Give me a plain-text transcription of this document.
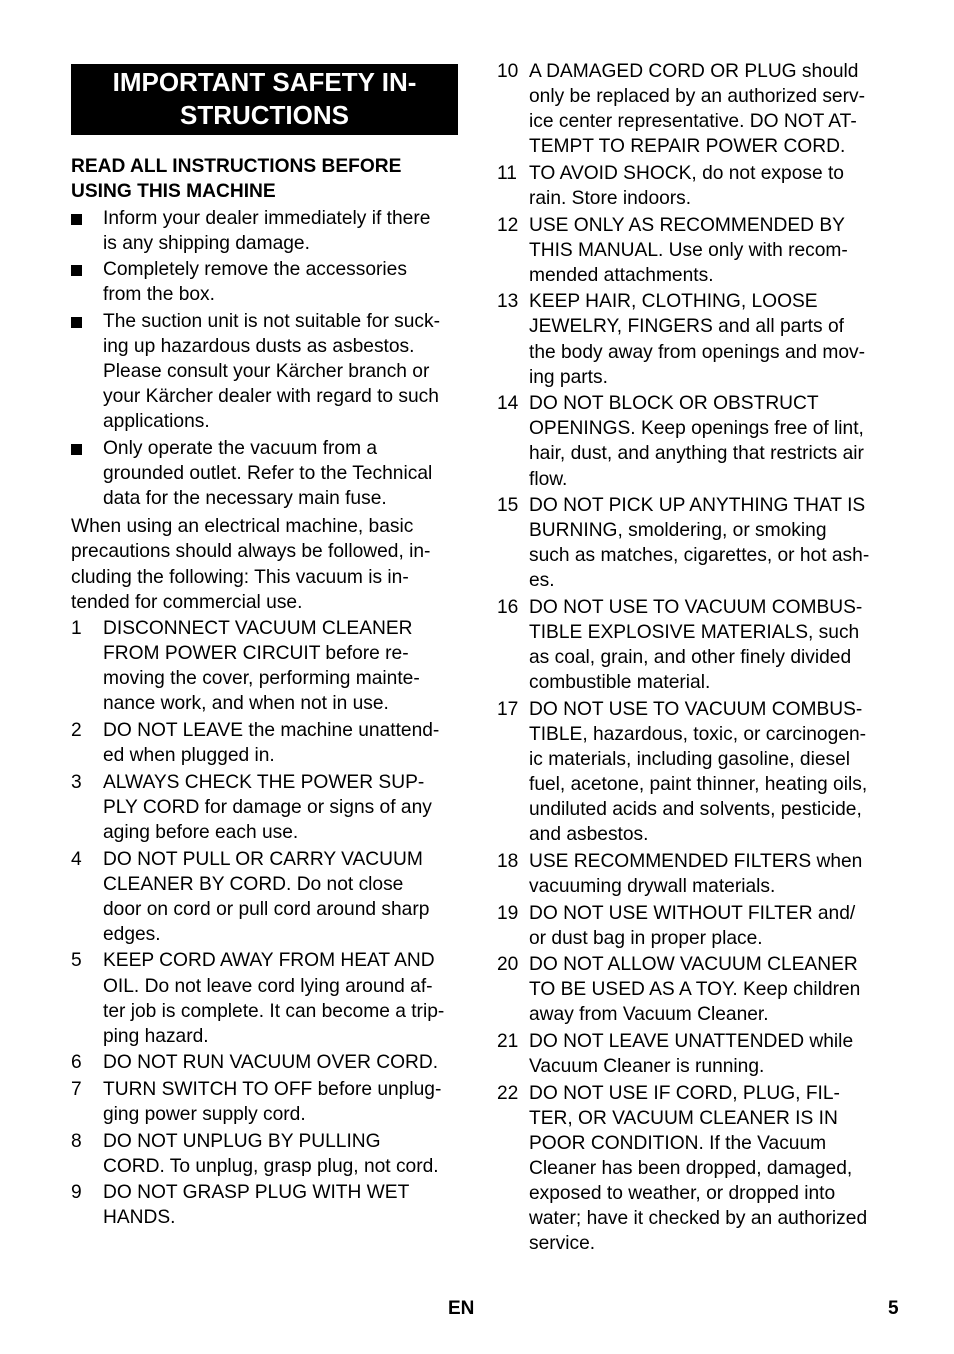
IMPORTANT SAFETY IN-
STRUCTIONS
READ ALL INSTRUCTIONS BEFORE
USING THIS MACHINE
Inform your dealer immediately if there
is any shipping damage.
Completely remove the accessories
from the box.
The suction unit is not suitable for suck-
ing up hazardous dusts as asbestos.
Please consult your Kärcher branch or
your Kärcher dealer with regard to such
applications.
Only operate the vacuum from a
grounded outlet. Refer to the Technical
data for the necessary main fuse.
When using an electrical machine, basic
precautions should always be followed, in-
cluding the following: This vacuum is in-
tended for commercial use.
1 DISCONNECT VACUUM CLEANER
FROM POWER CIRCUIT before re-
moving the cover, performing mainte-
nance work, and when not in use.
2 DO NOT LEAVE the machine unattend-
ed when plugged in.
3 ALWAYS CHECK THE POWER SUP-
PLY CORD for damage or signs of any
aging before each use.
4 DO NOT PULL OR CARRY VACUUM
CLEANER BY CORD. Do not close
door on cord or pull cord around sharp
edges.
5 KEEP CORD AWAY FROM HEAT AND
OIL. Do not leave cord lying around af-
ter job is complete. It can become a trip-
ping hazard.
6 DO NOT RUN VACUUM OVER CORD.
7 TURN SWITCH TO OFF before unplug-
ging power supply cord.
8 DO NOT UNPLUG BY PULLING
CORD. To unplug, grasp plug, not cord.
9 DO NOT GRASP PLUG WITH WET
HANDS.
10 A DAMAGED CORD OR PLUG should
only be replaced by an authorized serv-
ice center representative. DO NOT AT-
TEMPT TO REPAIR POWER CORD.
11 TO AVOID SHOCK, do not expose to
rain. Store indoors.
12 USE ONLY AS RECOMMENDED BY
THIS MANUAL. Use only with recom-
mended attachments.
13 KEEP HAIR, CLOTHING, LOOSE
JEWELRY, FINGERS and all parts of
the body away from openings and mov-
ing parts.
14 DO NOT BLOCK OR OBSTRUCT
OPENINGS. Keep openings free of lint,
hair, dust, and anything that restricts air
flow.
15 DO NOT PICK UP ANYTHING THAT IS
BURNING, smoldering, or smoking
such as matches, cigarettes, or hot ash-
es.
16 DO NOT USE TO VACUUM COMBUS-
TIBLE EXPLOSIVE MATERIALS, such
as coal, grain, and other finely divided
combustible material.
17 DO NOT USE TO VACUUM COMBUS-
TIBLE, hazardous, toxic, or carcinogen-
ic materials, including gasoline, diesel
fuel, acetone, paint thinner, heating oils,
undiluted acids and solvents, pesticide,
and asbestos.
18 USE RECOMMENDED FILTERS when
vacuuming drywall materials.
19 DO NOT USE WITHOUT FILTER and/
or dust bag in proper place.
20 DO NOT ALLOW VACUUM CLEANER
TO BE USED AS A TOY. Keep children
away from Vacuum Cleaner.
21 DO NOT LEAVE UNATTENDED while
Vacuum Cleaner is running.
22 DO NOT USE IF CORD, PLUG, FIL-
TER, OR VACUUM CLEANER IS IN
POOR CONDITION. If the Vacuum
Cleaner has been dropped, damaged,
exposed to weather, or dropped into
water; have it checked by an authorized
service.
EN	5
